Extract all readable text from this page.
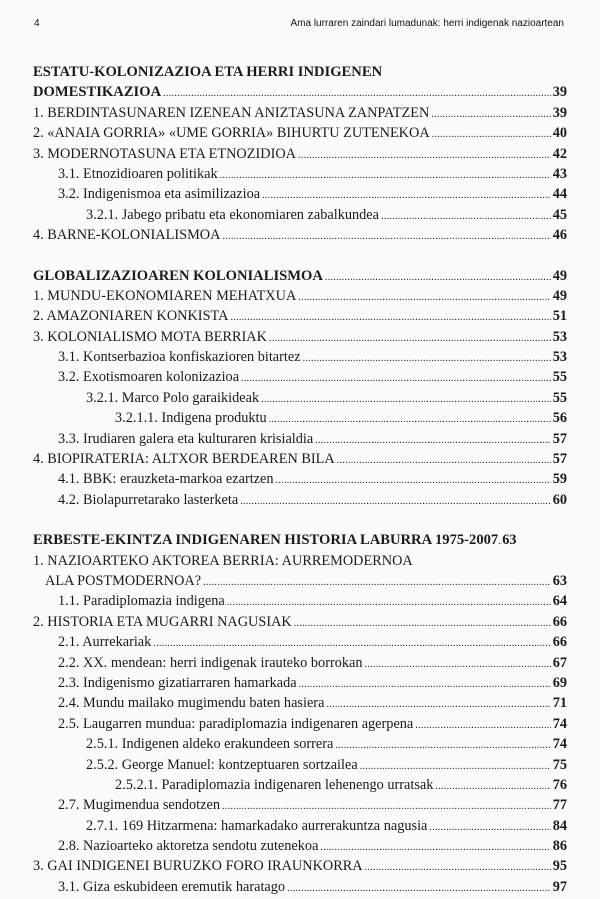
4	Ama lurraren zaindari lumadunak: herri indigenak nazioartean
ESTATU-KOLONIZAZIOA ETA HERRI INDIGENEN
DOMESTIKAZIOA .....	39
1. BERDINTASUNAREN IZENEAN ANIZTASUNA ZANPATZEN .....	39
2. «ANAIA GORRIA» «UME GORRIA» BIHURTU ZUTENEKOA .....	40
3. MODERNOTASUNA ETA ETNOZIDIOA .....	42
3.1. Etnozidioaren politikak .....	43
3.2. Indigenismoa eta asimilizazioa .....	44
3.2.1. Jabego pribatu eta ekonomiaren zabalkundea .....	45
4. BARNE-KOLONIALISMOA .....	46
GLOBALIZAZIOAREN KOLONIALISMOA .....	49
1. MUNDU-EKONOMIAREN MEHATXUA .....	49
2. AMAZONIAREN KONKISTA .....	51
3. KOLONIALISMO MOTA BERRIAK .....	53
3.1. Kontserbazioa konfiskazioren bitartez .....	53
3.2. Exotismoaren kolonizazioa .....	55
3.2.1. Marco Polo garaikideak .....	55
3.2.1.1. Indigena produktu .....	56
3.3. Irudiaren galera eta kulturaren krisialdia .....	57
4. BIOPIRATERIA: ALTXOR BERDEAREN BILA .....	57
4.1. BBK: erauzketa-markoa ezartzen .....	59
4.2. Biolapurretarako lasterketa .....	60
ERBESTE-EKINTZA INDIGENAREN HISTORIA LABURRA 1975-2007 ..... 63
1. NAZIOARTEKO AKTOREA BERRIA: AURREMODERNOA
ALA POSTMODERNOA? .....	63
1.1. Paradiplomazia indigena .....	64
2. HISTORIA ETA MUGARRI NAGUSIAK .....	66
2.1. Aurrekariak .....	66
2.2. XX. mendean: herri indigenak irauteko borrokan .....	67
2.3. Indigenismo gizatiarraren hamarkada .....	69
2.4. Mundu mailako mugimendu baten hasiera .....	71
2.5. Laugarren mundua: paradiplomazia indigenaren agerpena .....	74
2.5.1. Indigenen aldeko erakundeen sorrera .....	74
2.5.2. George Manuel: kontzeptuaren sortzailea .....	75
2.5.2.1. Paradiplomazia indigenaren lehenengo urratsak .....	76
2.7. Mugimendua sendotzen .....	77
2.7.1. 169 Hitzarmena: hamarkadako aurrerakuntza nagusia .....	84
2.8. Nazioarteko aktoretza sendotu zutenekoa .....	86
3. GAI INDIGENEI BURUZKO FORO IRAUNKORRA .....	95
3.1. Giza eskubideen eremutik haratago .....	97
